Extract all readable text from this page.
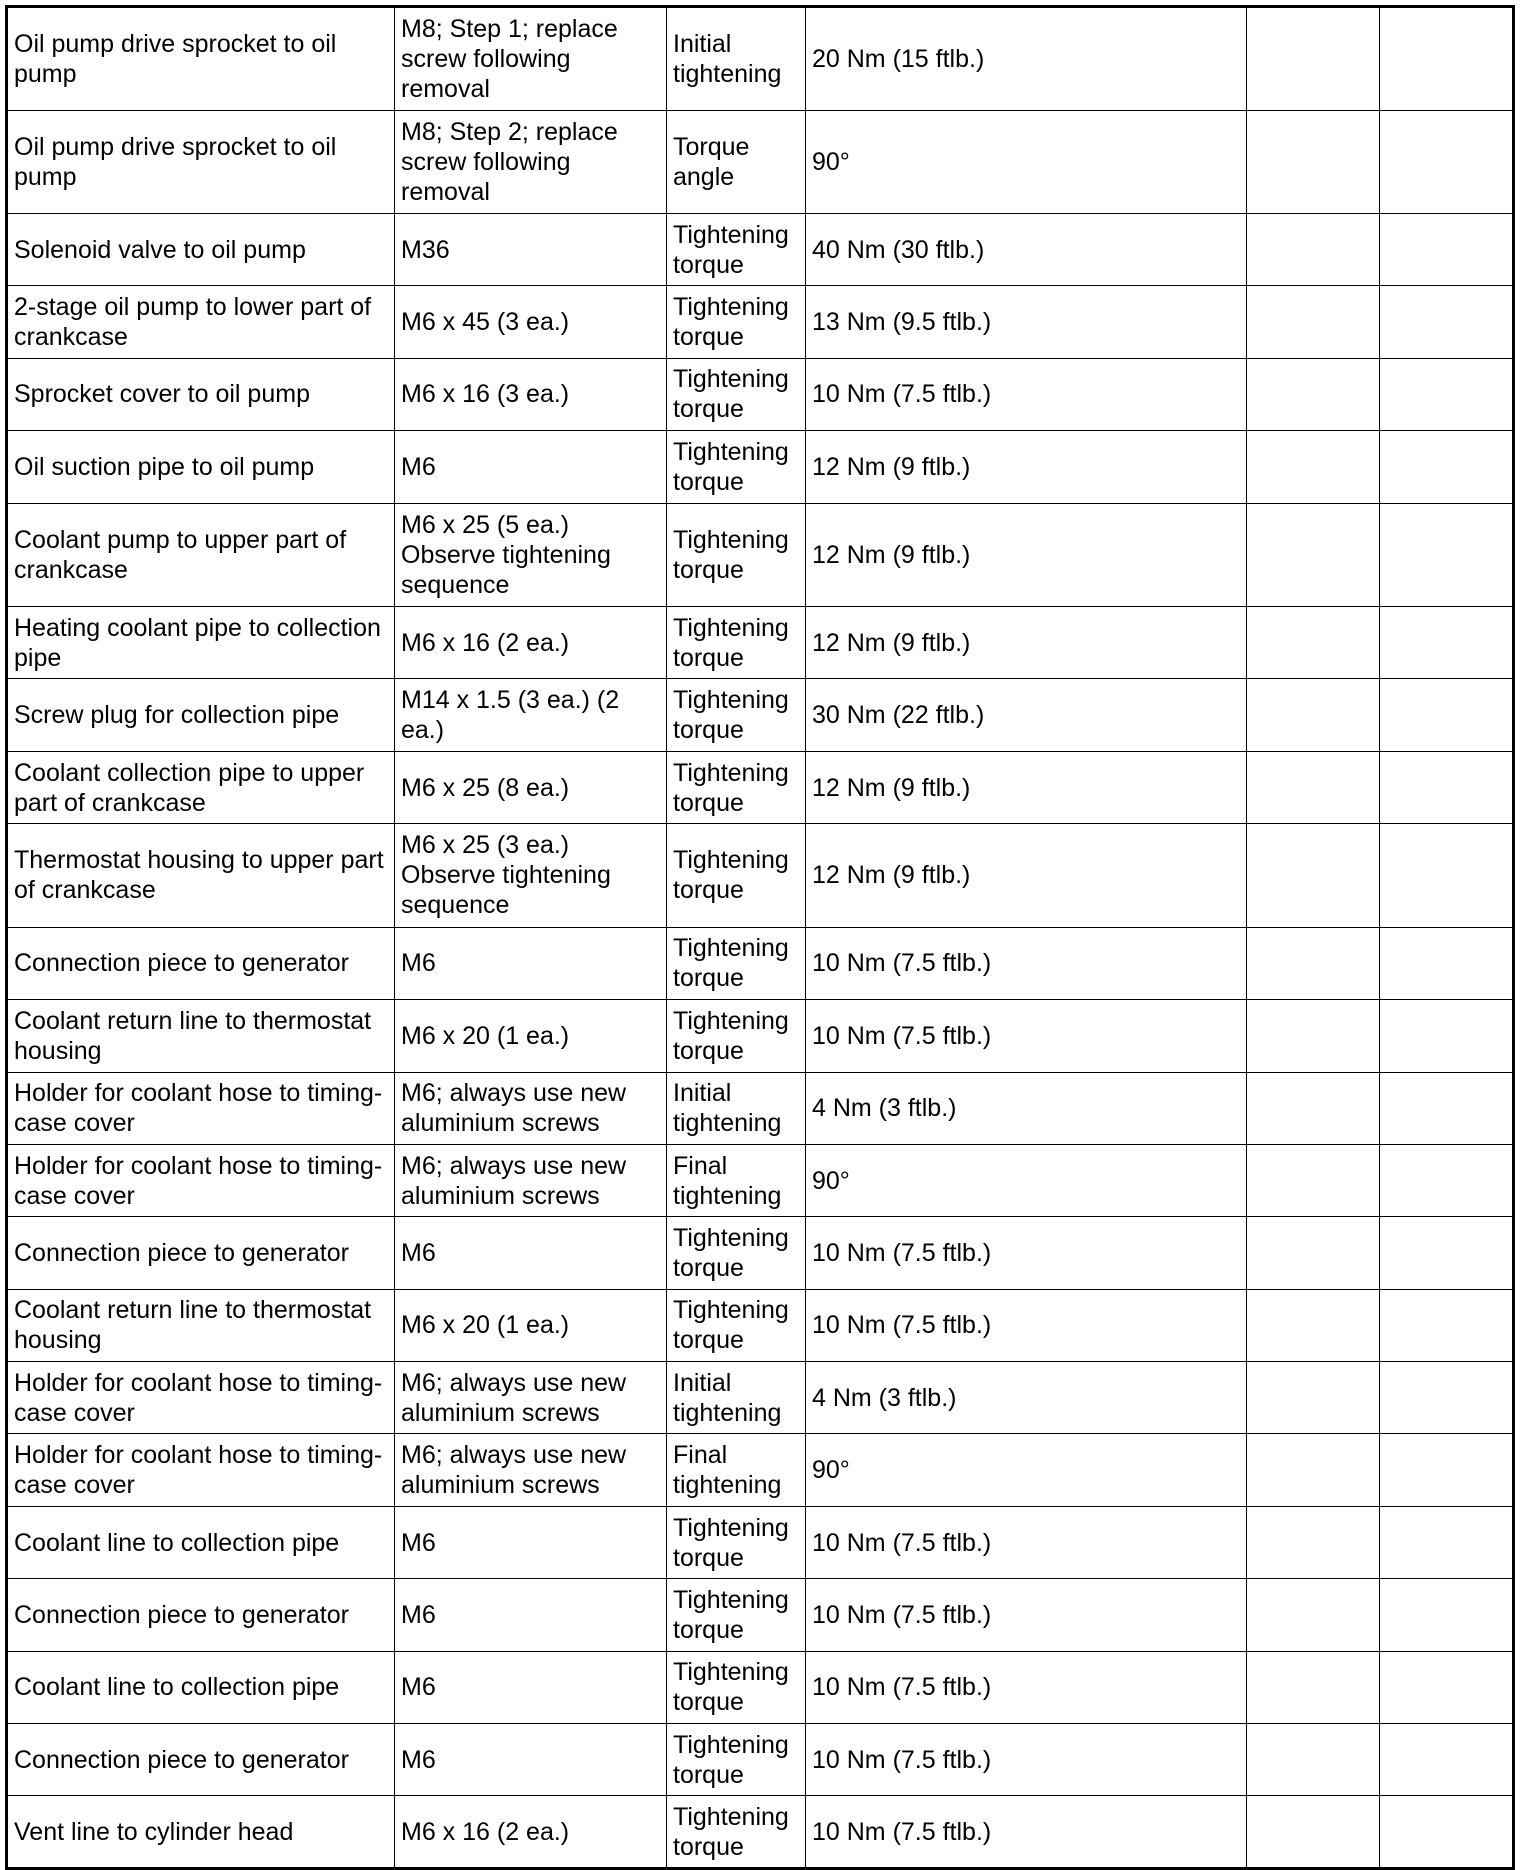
Oil pump drive sprocket to oil pump	M8; Step 1; replace screw following removal	Initial tightening	20 Nm (15 ftlb.)		
Oil pump drive sprocket to oil pump	M8; Step 2; replace screw following removal	Torque angle	90°		
Solenoid valve to oil pump	M36	Tightening torque	40 Nm (30 ftlb.)		
2-stage oil pump to lower part of crankcase	M6 x 45 (3 ea.)	Tightening torque	13 Nm (9.5 ftlb.)		
Sprocket cover to oil pump	M6 x 16 (3 ea.)	Tightening torque	10 Nm (7.5 ftlb.)		
Oil suction pipe to oil pump	M6	Tightening torque	12 Nm (9 ftlb.)		
Coolant pump to upper part of crankcase	M6 x 25 (5 ea.) Observe tightening sequence	Tightening torque	12 Nm (9 ftlb.)		
Heating coolant pipe to collection pipe	M6 x 16 (2 ea.)	Tightening torque	12 Nm (9 ftlb.)		
Screw plug for collection pipe	M14 x 1.5 (3 ea.) (2 ea.)	Tightening torque	30 Nm (22 ftlb.)		
Coolant collection pipe to upper part of crankcase	M6 x 25 (8 ea.)	Tightening torque	12 Nm (9 ftlb.)		
Thermostat housing to upper part of crankcase	M6 x 25 (3 ea.) Observe tightening sequence	Tightening torque	12 Nm (9 ftlb.)		
Connection piece to generator	M6	Tightening torque	10 Nm (7.5 ftlb.)		
Coolant return line to thermostat housing	M6 x 20 (1 ea.)	Tightening torque	10 Nm (7.5 ftlb.)		
Holder for coolant hose to timing-case cover	M6; always use new aluminium screws	Initial tightening	4 Nm (3 ftlb.)		
Holder for coolant hose to timing-case cover	M6; always use new aluminium screws	Final tightening	90°		
Connection piece to generator	M6	Tightening torque	10 Nm (7.5 ftlb.)		
Coolant return line to thermostat housing	M6 x 20 (1 ea.)	Tightening torque	10 Nm (7.5 ftlb.)		
Holder for coolant hose to timing-case cover	M6; always use new aluminium screws	Initial tightening	4 Nm (3 ftlb.)		
Holder for coolant hose to timing-case cover	M6; always use new aluminium screws	Final tightening	90°		
Coolant line to collection pipe	M6	Tightening torque	10 Nm (7.5 ftlb.)		
Connection piece to generator	M6	Tightening torque	10 Nm (7.5 ftlb.)		
Coolant line to collection pipe	M6	Tightening torque	10 Nm (7.5 ftlb.)		
Connection piece to generator	M6	Tightening torque	10 Nm (7.5 ftlb.)		
Vent line to cylinder head	M6 x 16 (2 ea.)	Tightening torque	10 Nm (7.5 ftlb.)		
